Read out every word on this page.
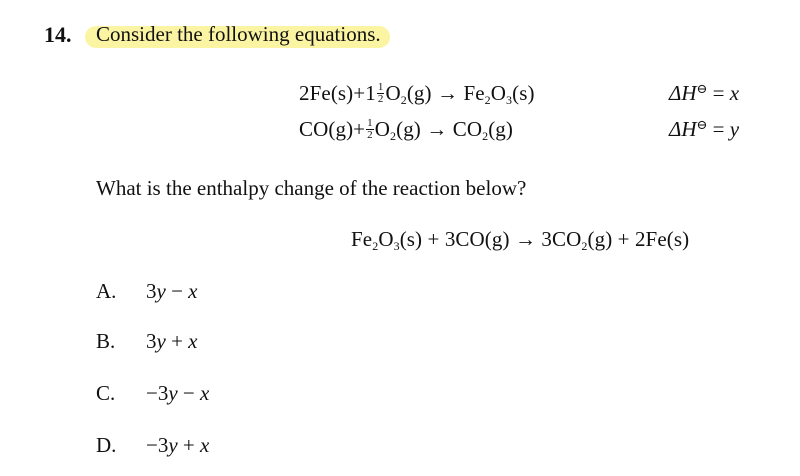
14. Consider the following equations.
$2Fe(s)+1 \frac{1}{2} O_2(g) \to Fe_2O_3(s)$	ΔH⊖ = x
$CO(g)+ \frac{1}{2} O_2(g) \to CO_2(g)$	ΔH⊖ = y
What is the enthalpy change of the reaction below?
$Fe_2O_3(s) + 3CO(g) \to 3CO_2(g) + 2Fe(s)$
A. 3y − x
B. 3y + x
C. −3y − x
D. −3y + x
